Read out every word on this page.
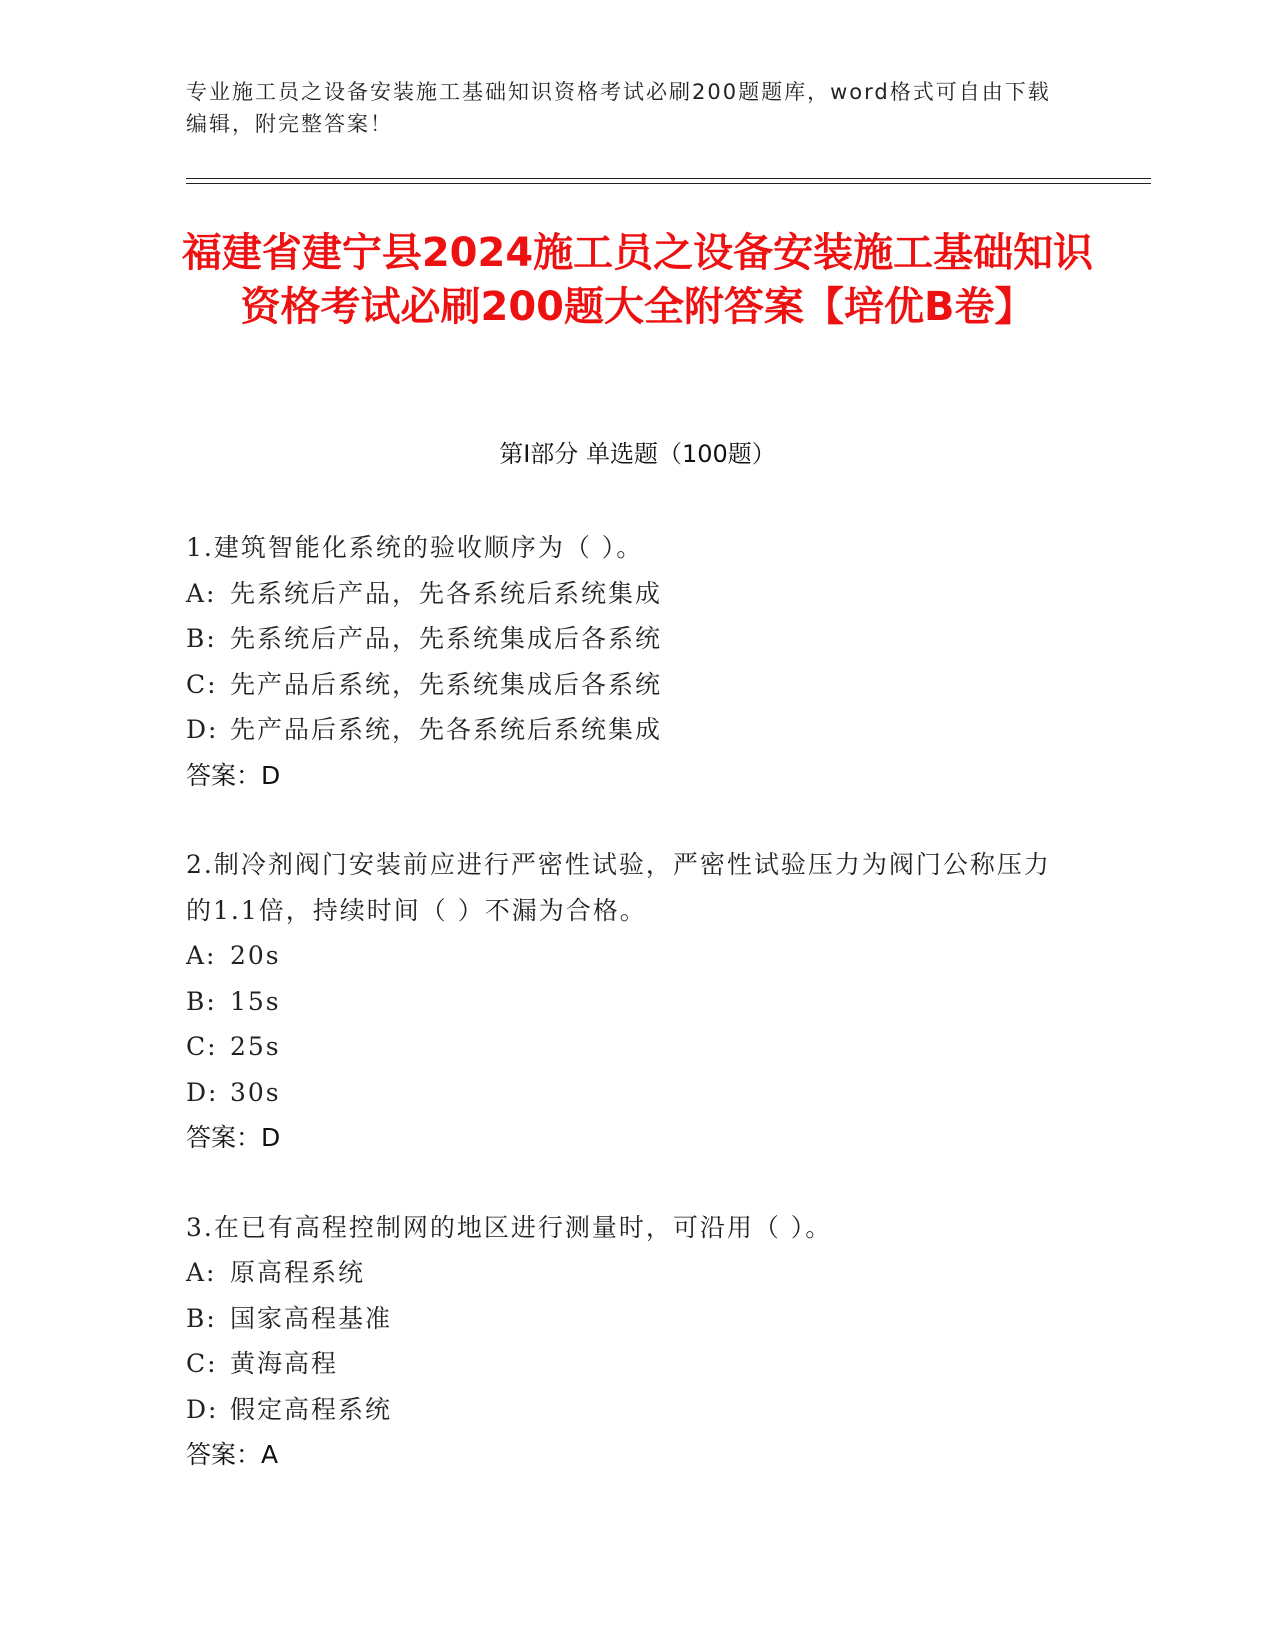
专业施工员之设备安装施工基础知识资格考试必刷200题题库，word格式可自由下载编辑，附完整答案！
福建省建宁县2024施工员之设备安装施工基础知识资格考试必刷200题大全附答案【培优B卷】
第I部分 单选题（100题）
1.建筑智能化系统的验收顺序为（ ）。
A: 先系统后产品，先各系统后系统集成
B: 先系统后产品，先系统集成后各系统
C: 先产品后系统，先系统集成后各系统
D: 先产品后系统，先各系统后系统集成
答案：D
2.制冷剂阀门安装前应进行严密性试验，严密性试验压力为阀门公称压力的1.1倍，持续时间（ ）不漏为合格。
A: 20s
B: 15s
C: 25s
D: 30s
答案：D
3.在已有高程控制网的地区进行测量时，可沿用（ ）。
A: 原高程系统
B: 国家高程基准
C: 黄海高程
D: 假定高程系统
答案：A
